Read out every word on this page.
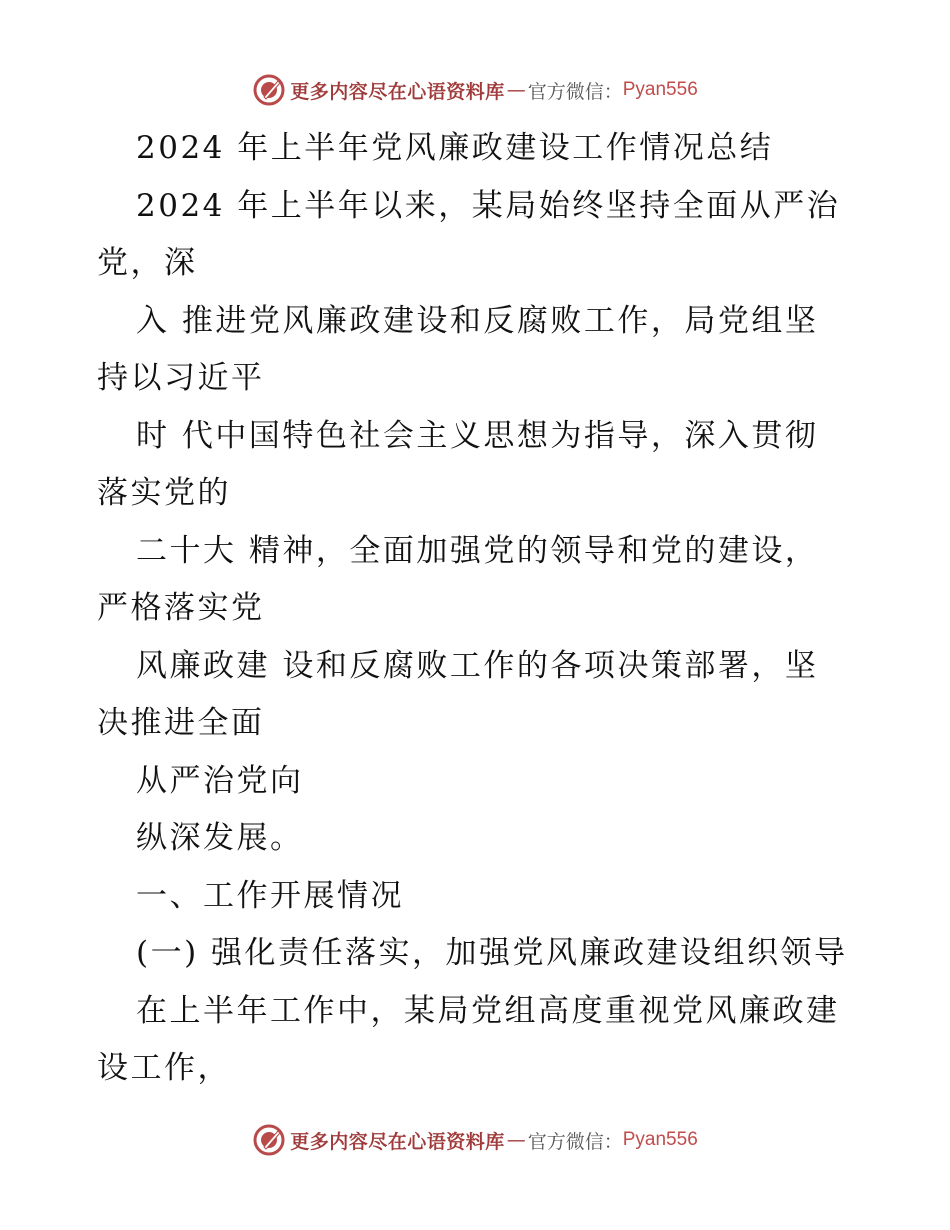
更多内容尽在心语资料库 — 官方微信： Pyan556
2024 年上半年党风廉政建设工作情况总结
2024 年上半年以来，某局始终坚持全面从严治
党，深
入 推进党风廉政建设和反腐败工作，局党组坚
持以习近平
时 代中国特色社会主义思想为指导，深入贯彻
落实党的
二十大 精神，全面加强党的领导和党的建设，
严格落实党
风廉政建 设和反腐败工作的各项决策部署，坚
决推进全面
从严治党向
纵深发展。
一、工作开展情况
(一) 强化责任落实，加强党风廉政建设组织领导
在上半年工作中，某局党组高度重视党风廉政建
设工作，
更多内容尽在心语资料库 — 官方微信： Pyan556
